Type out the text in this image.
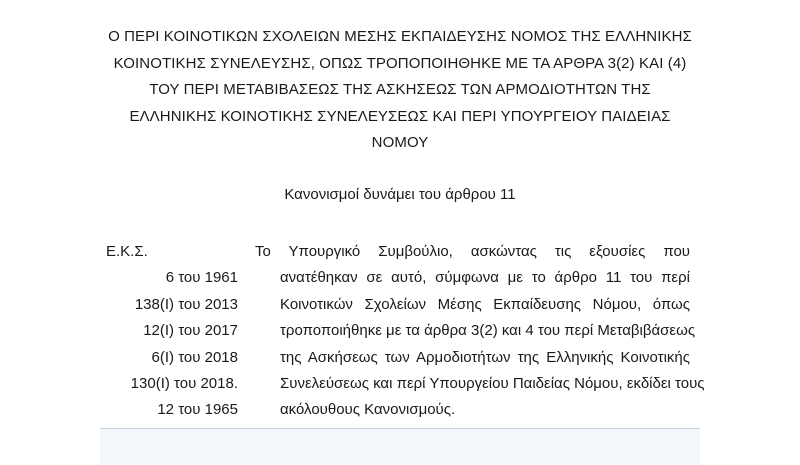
Ο ΠΕΡΙ ΚΟΙΝΟΤΙΚΩΝ ΣΧΟΛΕΙΩΝ ΜΕΣΗΣ ΕΚΠΑΙΔΕΥΣΗΣ ΝΟΜΟΣ ΤΗΣ ΕΛΛΗΝΙΚΗΣ
ΚΟΙΝΟΤΙΚΗΣ ΣΥΝΕΛΕΥΣΗΣ, ΟΠΩΣ ΤΡΟΠΟΠΟΙΗΘΗΚΕ ΜΕ ΤΑ ΑΡΘΡΑ 3(2) ΚΑΙ (4)
ΤΟΥ ΠΕΡΙ ΜΕΤΑΒΙΒΑΣΕΩΣ ΤΗΣ ΑΣΚΗΣΕΩΣ ΤΩΝ ΑΡΜΟΔΙΟΤΗΤΩΝ ΤΗΣ
ΕΛΛΗΝΙΚΗΣ ΚΟΙΝΟΤΙΚΗΣ ΣΥΝΕΛΕΥΣΕΩΣ ΚΑΙ ΠΕΡΙ ΥΠΟΥΡΓΕΙΟΥ ΠΑΙΔΕΙΑΣ
ΝΟΜΟΥ
Κανονισμοί δυνάμει του άρθρου 11
Ε.Κ.Σ.
6 του 1961
138(Ι) του 2013
12(Ι) του 2017
6(Ι) του 2018
130(Ι) του 2018.
12 του 1965
Το Υπουργικό Συμβούλιο, ασκώντας τις εξουσίες που
ανατέθηκαν σε αυτό, σύμφωνα με το άρθρο 11 του περί
Κοινοτικών Σχολείων Μέσης Εκπαίδευσης Νόμου, όπως
τροποποιήθηκε με τα άρθρα 3(2) και 4 του περί Μεταβιβάσεως
της Ασκήσεως των Αρμοδιοτήτων της Ελληνικής Κοινοτικής
Συνελεύσεως και περί Υπουργείου Παιδείας Νόμου, εκδίδει τους
ακόλουθους Κανονισμούς.
